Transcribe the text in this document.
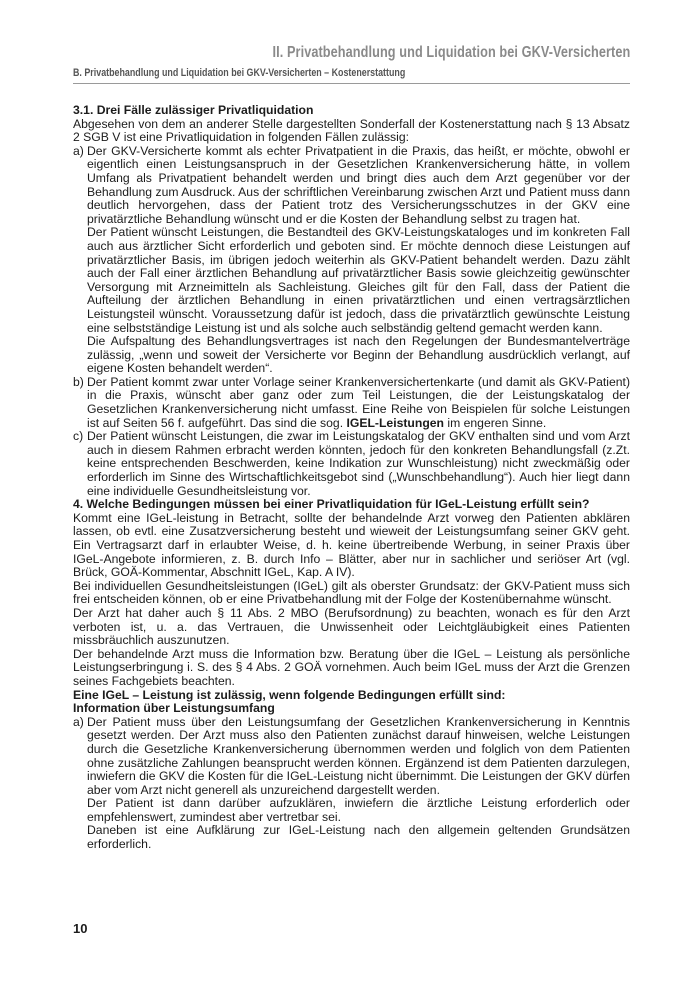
II. Privatbehandlung und Liquidation bei GKV-Versicherten
B. Privatbehandlung und Liquidation bei GKV-Versicherten – Kostenerstattung

3.1. Drei Fälle zulässiger Privatliquidation

Abgesehen von dem an anderer Stelle dargestellten Sonderfall der Kostenerstattung nach § 13 Absatz 2 SGB V ist eine Privatliquidation in folgenden Fällen zulässig:

a) Der GKV-Versicherte kommt als echter Privatpatient in die Praxis, das heißt, er möchte, obwohl er eigentlich einen Leistungsanspruch in der Gesetzlichen Krankenversicherung hätte, in vollem Umfang als Privatpatient behandelt werden und bringt dies auch dem Arzt gegenüber vor der Behandlung zum Ausdruck. Aus der schriftlichen Vereinbarung zwischen Arzt und Patient muss dann deutlich hervorgehen, dass der Patient trotz des Versicherungsschutzes in der GKV eine privatärztliche Behandlung wünscht und er die Kosten der Behandlung selbst zu tragen hat.

Der Patient wünscht Leistungen, die Bestandteil des GKV-Leistungskataloges und im konkreten Fall auch aus ärztlicher Sicht erforderlich und geboten sind. Er möchte dennoch diese Leistungen auf privatärztlicher Basis, im übrigen jedoch weiterhin als GKV-Patient behandelt werden. Dazu zählt auch der Fall einer ärztlichen Behandlung auf privatärztlicher Basis sowie gleichzeitig gewünschter Versorgung mit Arzneimitteln als Sachleistung. Gleiches gilt für den Fall, dass der Patient die Aufteilung der ärztlichen Behandlung in einen privatärztlichen und einen vertragsärztlichen Leistungsteil wünscht. Voraussetzung dafür ist jedoch, dass die privatärztlich gewünschte Leistung eine selbstständige Leistung ist und als solche auch selbständig geltend gemacht werden kann.

Die Aufspaltung des Behandlungsvertrages ist nach den Regelungen der Bundesmantelverträge zulässig, „wenn und soweit der Versicherte vor Beginn der Behandlung ausdrücklich verlangt, auf eigene Kosten behandelt werden“.

b) Der Patient kommt zwar unter Vorlage seiner Krankenversichertenkarte (und damit als GKV-Patient) in die Praxis, wünscht aber ganz oder zum Teil Leistungen, die der Leistungskatalog der Gesetzlichen Krankenversicherung nicht umfasst. Eine Reihe von Beispielen für solche Leistungen ist auf Seiten 56 f. aufgeführt. Das sind die sog. IGEL-Leistungen im engeren Sinne.

c) Der Patient wünscht Leistungen, die zwar im Leistungskatalog der GKV enthalten sind und vom Arzt auch in diesem Rahmen erbracht werden könnten, jedoch für den konkreten Behandlungsfall (z.Zt. keine entsprechenden Beschwerden, keine Indikation zur Wunschleistung) nicht zweckmäßig oder erforderlich im Sinne des Wirtschaftlichkeitsgebot sind („Wunschbehandlung“). Auch hier liegt dann eine individuelle Gesundheitsleistung vor.

4. Welche Bedingungen müssen bei einer Privatliquidation für IGeL-Leistung erfüllt sein?

Kommt eine IGeL-leistung in Betracht, sollte der behandelnde Arzt vorweg den Patienten abklären lassen, ob evtl. eine Zusatzversicherung besteht und wieweit der Leistungsumfang seiner GKV geht. Ein Vertragsarzt darf in erlaubter Weise, d. h. keine übertreibende Werbung, in seiner Praxis über IGeL-Angebote informieren, z. B. durch Info – Blätter, aber nur in sachlicher und seriöser Art (vgl. Brück, GOÄ-Kommentar, Abschnitt IGeL, Kap. A IV).

Bei individuellen Gesundheitsleistungen (IGeL) gilt als oberster Grundsatz: der GKV-Patient muss sich frei entscheiden können, ob er eine Privatbehandlung mit der Folge der Kostenübernahme wünscht.

Der Arzt hat daher auch § 11 Abs. 2 MBO (Berufsordnung) zu beachten, wonach es für den Arzt verboten ist, u. a. das Vertrauen, die Unwissenheit oder Leichtgläubigkeit eines Patienten missbräuchlich auszunutzen.

Der behandelnde Arzt muss die Information bzw. Beratung über die IGeL – Leistung als persönliche Leistungserbringung i. S. des § 4 Abs. 2 GOÄ vornehmen. Auch beim IGeL muss der Arzt die Grenzen seines Fachgebiets beachten.

Eine IGeL – Leistung ist zulässig, wenn folgende Bedingungen erfüllt sind:

Information über Leistungsumfang

a) Der Patient muss über den Leistungsumfang der Gesetzlichen Krankenversicherung in Kenntnis gesetzt werden. Der Arzt muss also den Patienten zunächst darauf hinweisen, welche Leistungen durch die Gesetzliche Krankenversicherung übernommen werden und folglich von dem Patienten ohne zusätzliche Zahlungen beansprucht werden können. Ergänzend ist dem Patienten darzulegen, inwiefern die GKV die Kosten für die IGeL-Leistung nicht übernimmt. Die Leistungen der GKV dürfen aber vom Arzt nicht generell als unzureichend dargestellt werden.

Der Patient ist dann darüber aufzuklären, inwiefern die ärztliche Leistung erforderlich oder empfehlenswert, zumindest aber vertretbar sei.

Daneben ist eine Aufklärung zur IGeL-Leistung nach den allgemein geltenden Grundsätzen erforderlich.

10
